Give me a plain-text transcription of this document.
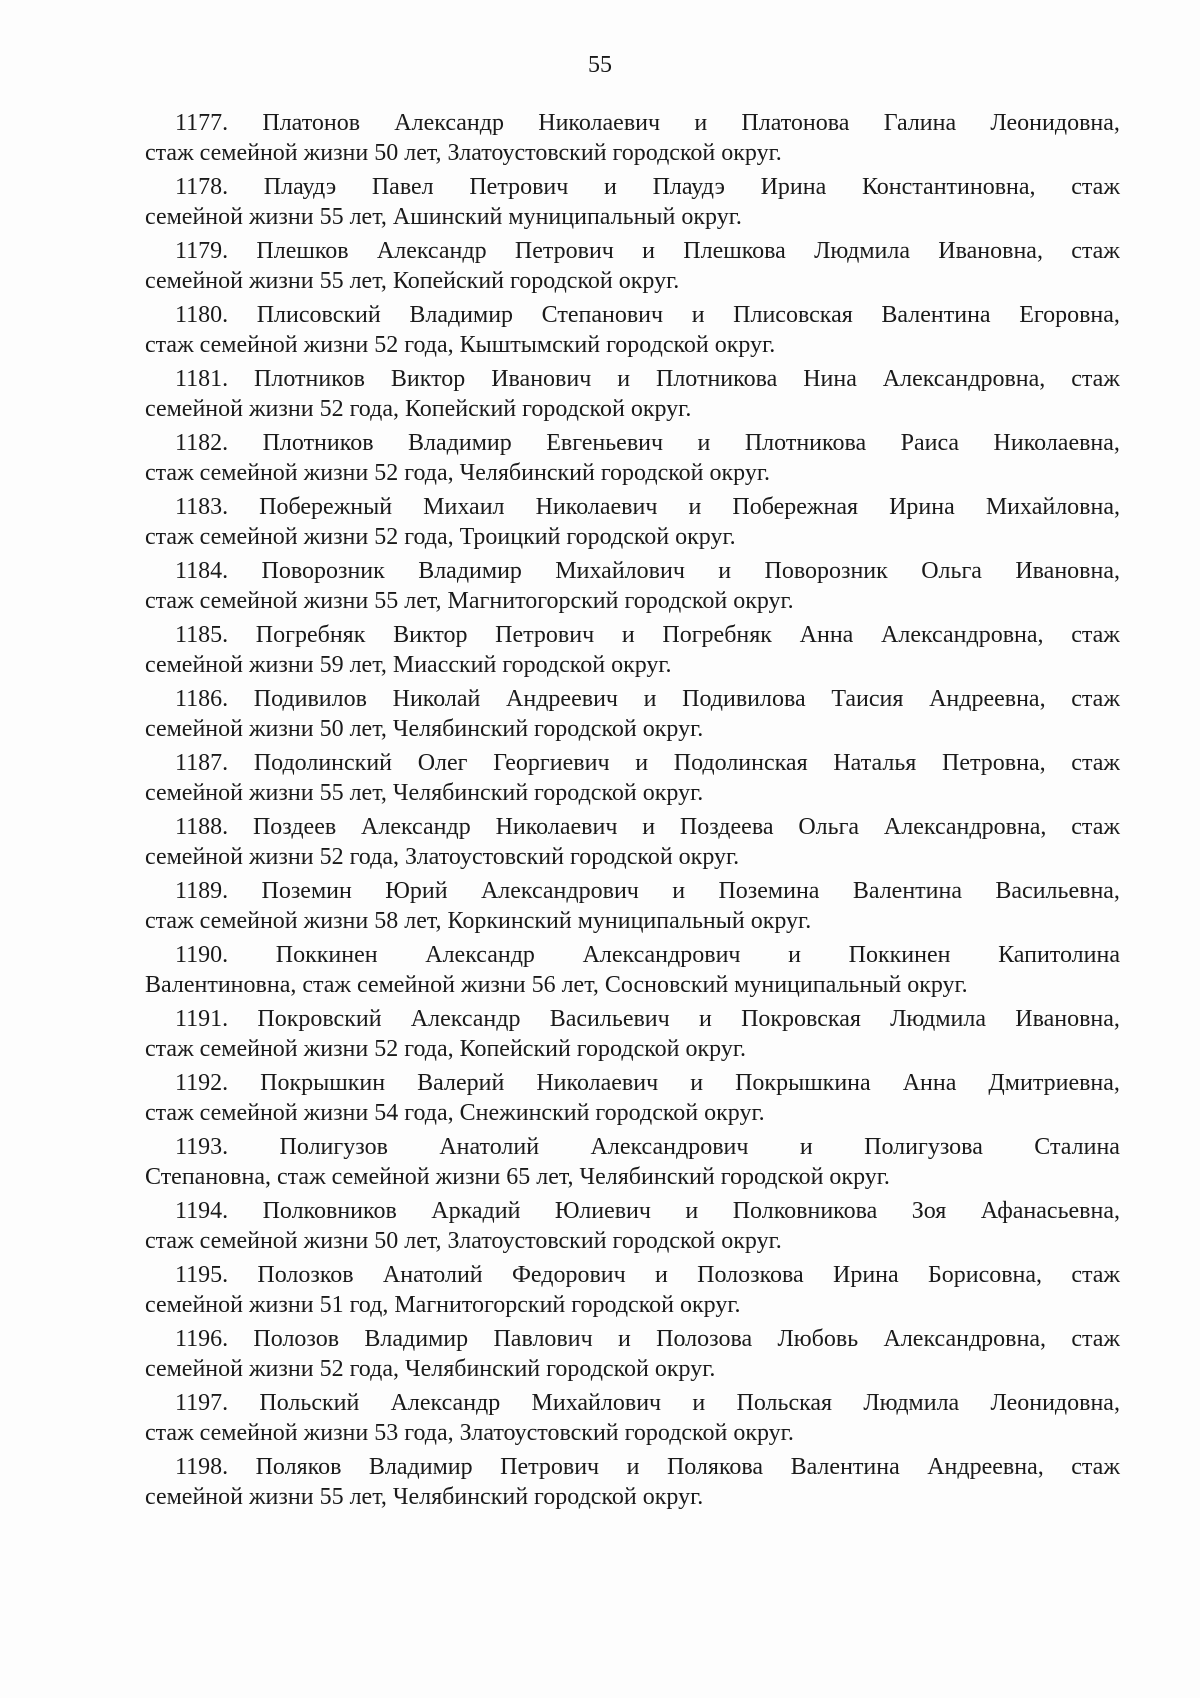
55
1177. Платонов Александр Николаевич и Платонова Галина Леонидовна,
стаж семейной жизни 50 лет, Златоустовский городской округ.
1178. Плаудэ Павел Петрович и Плаудэ Ирина Константиновна, стаж
семейной жизни 55 лет, Ашинский муниципальный округ.
1179. Плешков Александр Петрович и Плешкова Людмила Ивановна, стаж
семейной жизни 55 лет, Копейский городской округ.
1180. Плисовский Владимир Степанович и Плисовская Валентина Егоровна,
стаж семейной жизни 52 года, Кыштымский городской округ.
1181. Плотников Виктор Иванович и Плотникова Нина Александровна, стаж
семейной жизни 52 года, Копейский городской округ.
1182. Плотников Владимир Евгеньевич и Плотникова Раиса Николаевна,
стаж семейной жизни 52 года, Челябинский городской округ.
1183. Побережный Михаил Николаевич и Побережная Ирина Михайловна,
стаж семейной жизни 52 года, Троицкий городской округ.
1184. Поворозник Владимир Михайлович и Поворозник Ольга Ивановна,
стаж семейной жизни 55 лет, Магнитогорский городской округ.
1185. Погребняк Виктор Петрович и Погребняк Анна Александровна, стаж
семейной жизни 59 лет, Миасский городской округ.
1186. Подивилов Николай Андреевич и Подивилова Таисия Андреевна, стаж
семейной жизни 50 лет, Челябинский городской округ.
1187. Подолинский Олег Георгиевич и Подолинская Наталья Петровна, стаж
семейной жизни 55 лет, Челябинский городской округ.
1188. Поздеев Александр Николаевич и Поздеева Ольга Александровна, стаж
семейной жизни 52 года, Златоустовский городской округ.
1189. Поземин Юрий Александрович и Поземина Валентина Васильевна,
стаж семейной жизни 58 лет, Коркинский муниципальный округ.
1190. Поккинен Александр Александрович и Поккинен Капитолина
Валентиновна, стаж семейной жизни 56 лет, Сосновский муниципальный округ.
1191. Покровский Александр Васильевич и Покровская Людмила Ивановна,
стаж семейной жизни 52 года, Копейский городской округ.
1192. Покрышкин Валерий Николаевич и Покрышкина Анна Дмитриевна,
стаж семейной жизни 54 года, Снежинский городской округ.
1193. Полигузов Анатолий Александрович и Полигузова Сталина
Степановна, стаж семейной жизни 65 лет, Челябинский городской округ.
1194. Полковников Аркадий Юлиевич и Полковникова Зоя Афанасьевна,
стаж семейной жизни 50 лет, Златоустовский городской округ.
1195. Полозков Анатолий Федорович и Полозкова Ирина Борисовна, стаж
семейной жизни 51 год, Магнитогорский городской округ.
1196. Полозов Владимир Павлович и Полозова Любовь Александровна, стаж
семейной жизни 52 года, Челябинский городской округ.
1197. Польский Александр Михайлович и Польская Людмила Леонидовна,
стаж семейной жизни 53 года, Златоустовский городской округ.
1198. Поляков Владимир Петрович и Полякова Валентина Андреевна, стаж
семейной жизни 55 лет, Челябинский городской округ.
